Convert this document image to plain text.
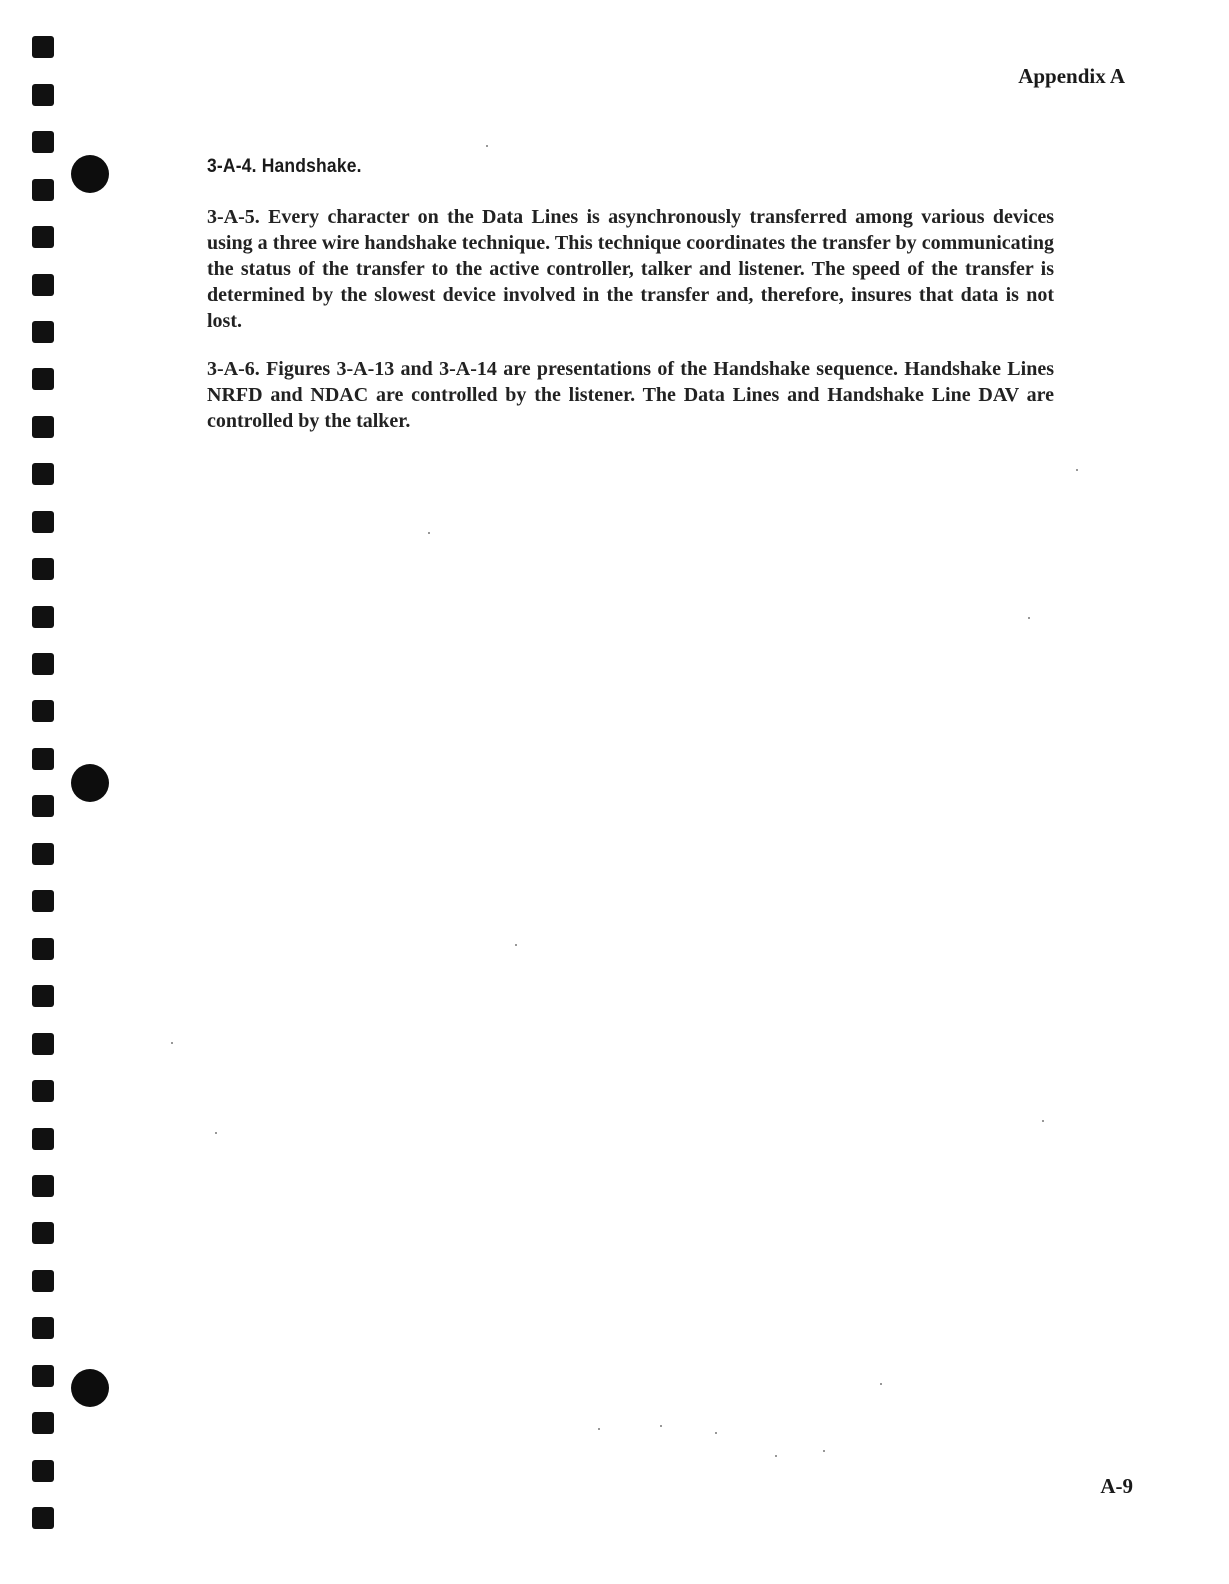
Appendix A
3-A-4. Handshake.

3-A-5. Every character on the Data Lines is asynchronously transferred among various devices using a three wire handshake technique. This technique coordinates the transfer by communicating the status of the transfer to the active controller, talker and listener. The speed of the transfer is determined by the slowest device involved in the transfer and, therefore, insures that data is not lost.

3-A-6. Figures 3-A-13 and 3-A-14 are presentations of the Handshake sequence. Handshake Lines NRFD and NDAC are controlled by the listener. The Data Lines and Handshake Line DAV are controlled by the talker.

A-9
